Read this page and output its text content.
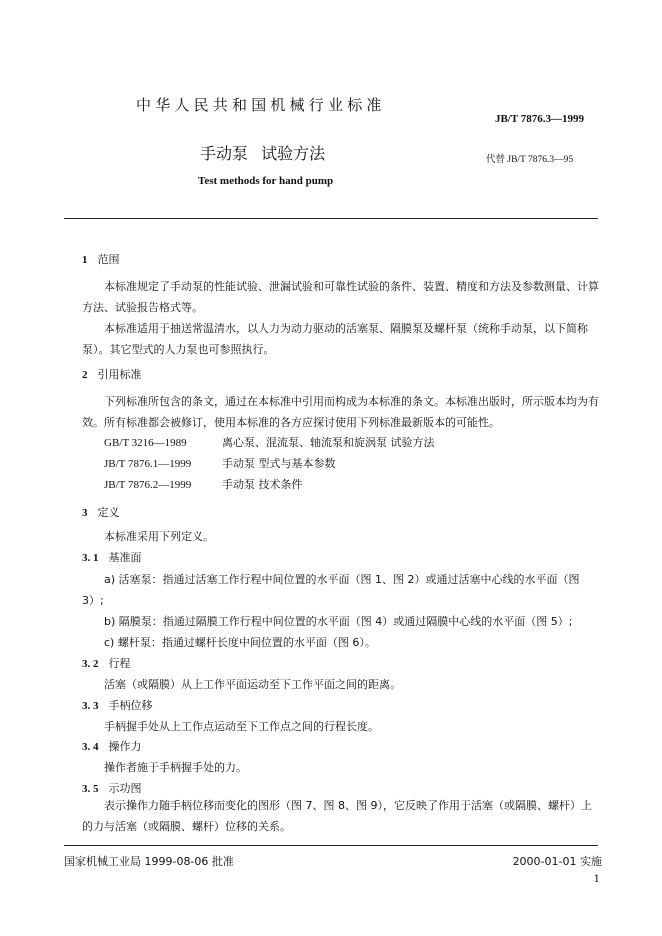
中华人民共和国机械行业标准
JB/T 7876.3—1999
手动泵 试验方法	代替 JB/T 7876.3—95
Test methods for hand pump
1 范围
本标准规定了手动泵的性能试验、泄漏试验和可靠性试验的条件、装置、精度和方法及参数测量、计算方法、试验报告格式等。
本标准适用于抽送常温清水，以人力为动力驱动的活塞泵、隔膜泵及螺杆泵（统称手动泵，以下简称泵）。其它型式的人力泵也可参照执行。
2 引用标准
下列标准所包含的条文，通过在本标准中引用而构成为本标准的条文。本标准出版时，所示版本均为有效。所有标准都会被修订，使用本标准的各方应探讨使用下列标准最新版本的可能性。
GB/T 3216—1989	离心泵、混流泵、轴流泵和旋涡泵 试验方法
JB/T 7876.1—1999	手动泵 型式与基本参数
JB/T 7876.2—1999	手动泵 技术条件
3 定义
本标准采用下列定义。
3. 1 基准面
a) 活塞泵：指通过活塞工作行程中间位置的水平面（图 1、图 2）或通过活塞中心线的水平面（图
3）;
b) 隔膜泵：指通过隔膜工作行程中间位置的水平面（图 4）或通过隔膜中心线的水平面（图 5）;
c) 螺杆泵：指通过螺杆长度中间位置的水平面（图 6）。
3. 2 行程
活塞（或隔膜）从上工作平面运动至下工作平面之间的距离。
3. 3 手柄位移
手柄握手处从上工作点运动至下工作点之间的行程长度。
3. 4 操作力
操作者施于手柄握手处的力。
3. 5 示功图
表示操作力随手柄位移而变化的图形（图 7、图 8、图 9），它反映了作用于活塞（或隔膜、螺杆）上的力与活塞（或隔膜、螺杆）位移的关系。
国家机械工业局 1999-08-06 批准	2000-01-01 实施
1
